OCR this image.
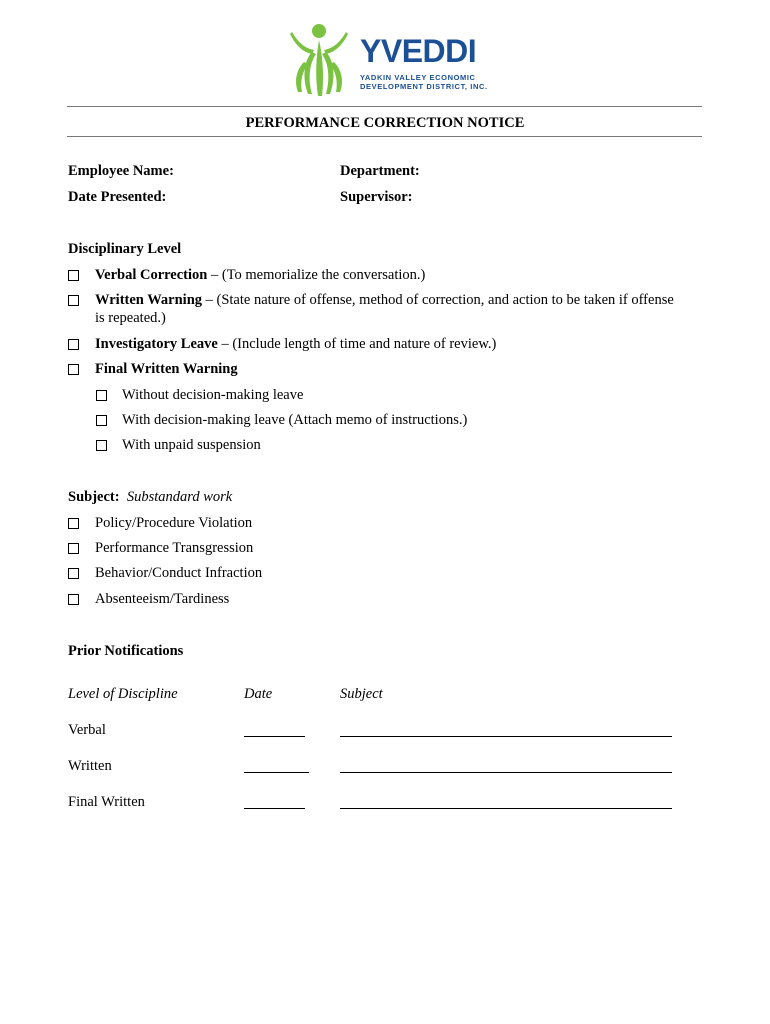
YVEDDI
YADKIN VALLEY ECONOMIC
DEVELOPMENT DISTRICT, INC.
PERFORMANCE CORRECTION NOTICE
Employee Name:	Department:
Date Presented:	Supervisor:
Disciplinary Level
Verbal Correction – (To memorialize the conversation.)
Written Warning – (State nature of offense, method of correction, and action to be taken if offense
is repeated.)
Investigatory Leave – (Include length of time and nature of review.)
Final Written Warning
Without decision-making leave
With decision-making leave (Attach memo of instructions.)
With unpaid suspension
Subject: Substandard work
Policy/Procedure Violation
Performance Transgression
Behavior/Conduct Infraction
Absenteeism/Tardiness
Prior Notifications
Level of Discipline	Date	Subject
Verbal
Written
Final Written
